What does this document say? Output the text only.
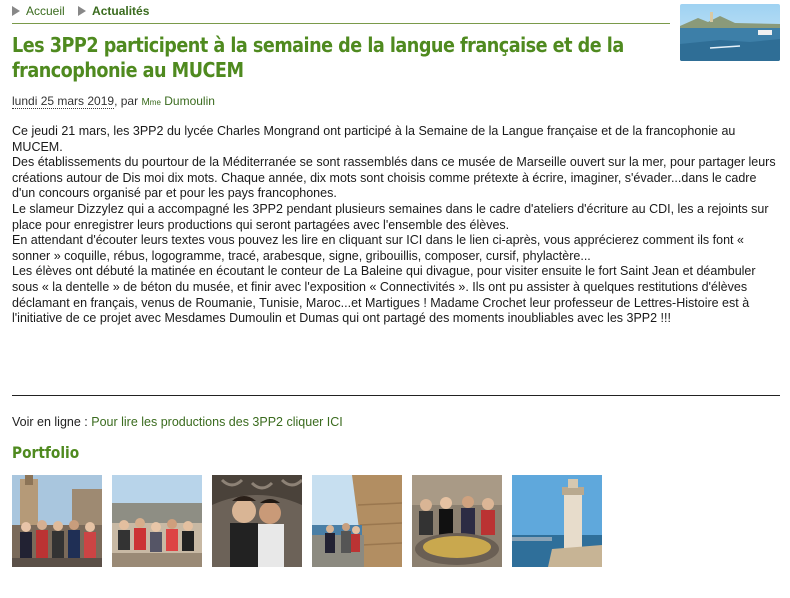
Accueil
Actualités
Les 3PP2 participent à la semaine de la langue française et de la francophonie au MUCEM
lundi 25 mars 2019, par Mme Dumoulin

Ce jeudi 21 mars, les 3PP2 du lycée Charles Mongrand ont participé à la Semaine de la Langue française et de la francophonie au MUCEM.

Des établissements du pourtour de la Méditerranée se sont rassemblés dans ce musée de Marseille ouvert sur la mer, pour partager leurs créations autour de Dis moi dix mots. Chaque année, dix mots sont choisis comme prétexte à écrire, imaginer, s'évader...dans le cadre d'un concours organisé par et pour les pays francophones.

Le slameur Dizzylez qui a accompagné les 3PP2 pendant plusieurs semaines dans le cadre d'ateliers d'écriture au CDI, les a rejoints sur place pour enregistrer leurs productions qui seront partagées avec l'ensemble des élèves.

En attendant d'écouter leurs textes vous pouvez les lire en cliquant sur ICI dans le lien ci-après, vous apprécierez comment ils font « sonner » coquille, rébus, logogramme, tracé, arabesque, signe, gribouillis, composer, cursif, phylactère...

Les élèves ont débuté la matinée en écoutant le conteur de La Baleine qui divague, pour visiter ensuite le fort Saint Jean et déambuler sous « la dentelle » de béton du musée, et finir avec l'exposition « Connectivités ». Ils ont pu assister à quelques restitutions d'élèves déclamant en français, venus de Roumanie, Tunisie, Maroc...et Martigues ! Madame Crochet leur professeur de Lettres-Histoire est à l'initiative de ce projet avec Mesdames Dumoulin et Dumas qui ont partagé des moments inoubliables avec les 3PP2 !!!

Voir en ligne : Pour lire les productions des 3PP2 cliquer ICI
Portfolio
